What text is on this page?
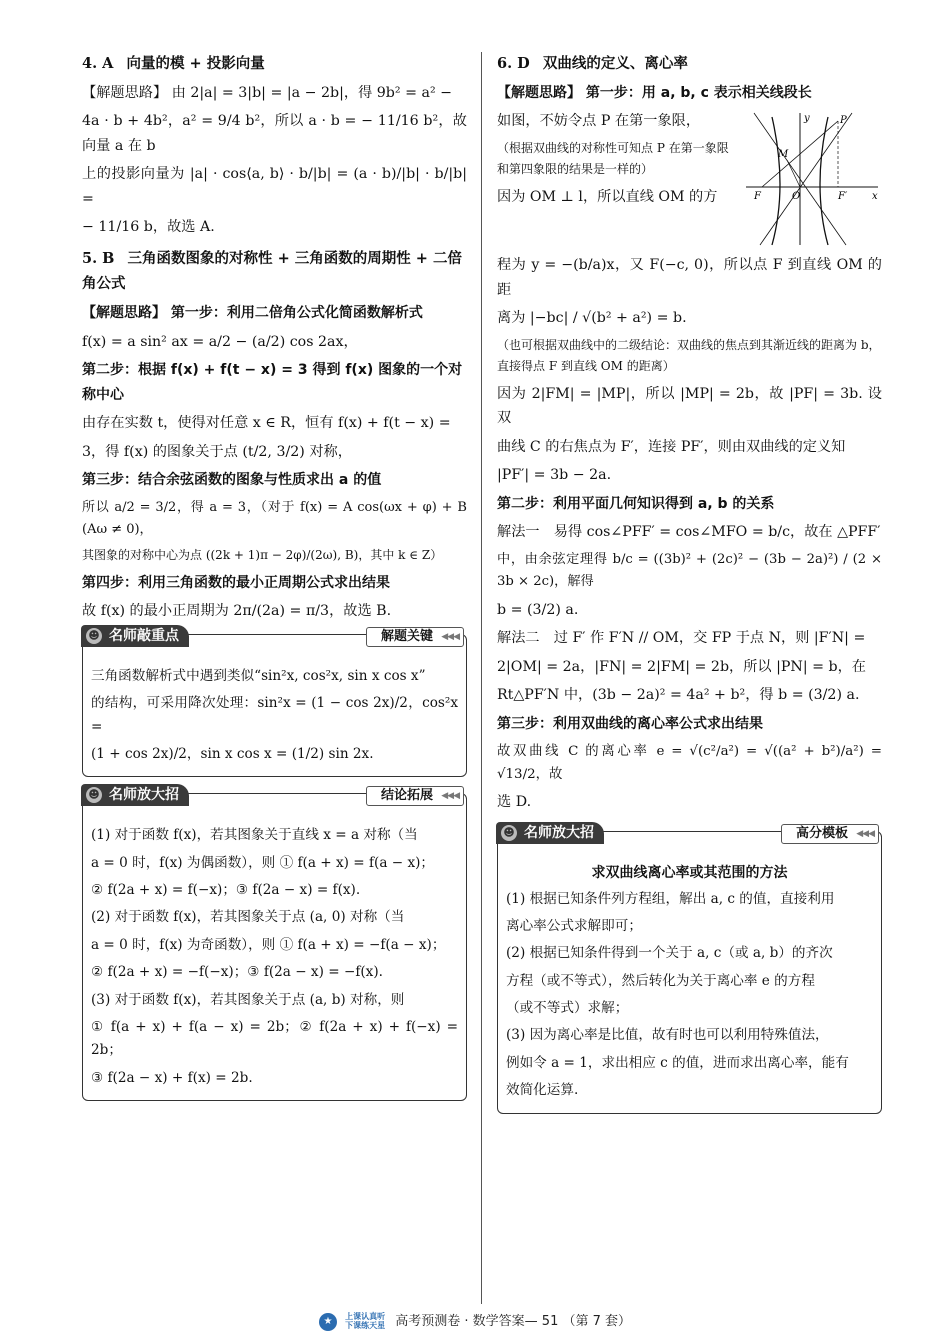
4. A 向量的模 + 投影向量

【解题思路】 由 2|a| = 3|b| = |a − 2b|，得 9b² = a² −

4a · b + 4b²，a² = 9/4 b²，所以 a · b = − 11/16 b²，故向量 a 在 b

上的投影向量为 |a| · cos⟨a, b⟩ · b/|b| = (a · b)/|b| · b/|b| =

− 11/16 b，故选 A.

5. B 三角函数图象的对称性 + 三角函数的周期性 + 二倍角公式

【解题思路】 第一步：利用二倍角公式化简函数解析式

f(x) = a sin² ax = a/2 − (a/2) cos 2ax，

第二步：根据 f(x) + f(t − x) = 3 得到 f(x) 图象的一个对称中心

由存在实数 t，使得对任意 x ∈ R，恒有 f(x) + f(t − x) =

3，得 f(x) 的图象关于点 (t/2, 3/2) 对称，

第三步：结合余弦函数的图象与性质求出 a 的值

所以 a/2 = 3/2，得 a = 3，（对于 f(x) = A cos(ωx + φ) + B (Aω ≠ 0)，

其图象的对称中心为点 ((2k + 1)π − 2φ)/(2ω), B)，其中 k ∈ Z）

第四步：利用三角函数的最小正周期公式求出结果

故 f(x) 的最小正周期为 2π/(2a) = π/3，故选 B.

☻ 名师敲重点	解题关键 ◀◀◀

三角函数解析式中遇到类似“sin²x, cos²x, sin x cos x”

的结构，可采用降次处理：sin²x = (1 − cos 2x)/2，cos²x =

(1 + cos 2x)/2，sin x cos x = (1/2) sin 2x.

☻ 名师放大招	结论拓展 ◀◀◀

(1) 对于函数 f(x)，若其图象关于直线 x = a 对称（当

a = 0 时，f(x) 为偶函数），则 ① f(a + x) = f(a − x)；

② f(2a + x) = f(−x)；③ f(2a − x) = f(x).

(2) 对于函数 f(x)，若其图象关于点 (a, 0) 对称（当

a = 0 时，f(x) 为奇函数），则 ① f(a + x) = −f(a − x)；

② f(2a + x) = −f(−x)；③ f(2a − x) = −f(x).

(3) 对于函数 f(x)，若其图象关于点 (a, b) 对称，则

① f(a + x) + f(a − x) = 2b；② f(2a + x) + f(−x) = 2b；

③ f(2a − x) + f(x) = 2b.

6. D 双曲线的定义、离心率

【解题思路】 第一步：用 a, b, c 表示相关线段长

y
x
P
M
F	O	F′

如图，不妨令点 P 在第一象限，

（根据双曲线的对称性可知点 P 在第一象限和第四象限的结果是一样的）

因为 OM ⊥ l，所以直线 OM 的方

程为 y = −(b/a)x，又 F(−c, 0)，所以点 F 到直线 OM 的距

离为 |−bc| / √(b² + a²) = b.

（也可根据双曲线中的二级结论：双曲线的焦点到其渐近线的距离为 b，直接得点 F 到直线 OM 的距离）

因为 2|FM| = |MP|，所以 |MP| = 2b，故 |PF| = 3b. 设双

曲线 C 的右焦点为 F′，连接 PF′，则由双曲线的定义知

|PF′| = 3b − 2a.

第二步：利用平面几何知识得到 a, b 的关系

解法一　易得 cos∠PFF′ = cos∠MFO = b/c，故在 △PFF′

中，由余弦定理得 b/c = ((3b)² + (2c)² − (3b − 2a)²) / (2 × 3b × 2c)，解得

b = (3/2) a.

解法二　过 F′ 作 F′N // OM，交 FP 于点 N，则 |F′N| =

2|OM| = 2a，|FN| = 2|FM| = 2b，所以 |PN| = b，在

Rt△PF′N 中，(3b − 2a)² = 4a² + b²，得 b = (3/2) a.

第三步：利用双曲线的离心率公式求出结果

故双曲线 C 的离心率 e = √(c²/a²) = √((a² + b²)/a²) = √13/2，故

选 D.

☻ 名师放大招	高分模板 ◀◀◀

求双曲线离心率或其范围的方法

(1) 根据已知条件列方程组，解出 a, c 的值，直接利用

离心率公式求解即可；

(2) 根据已知条件得到一个关于 a, c（或 a, b）的齐次

方程（或不等式），然后转化为关于离心率 e 的方程

（或不等式）求解；

(3) 因为离心率是比值，故有时也可以利用特殊值法，

例如令 a = 1，求出相应 c 的值，进而求出离心率，能有

效简化运算.

★ 上课认真听
下课练天星 高考预测卷 · 数学答案— 51 （第 7 套）
